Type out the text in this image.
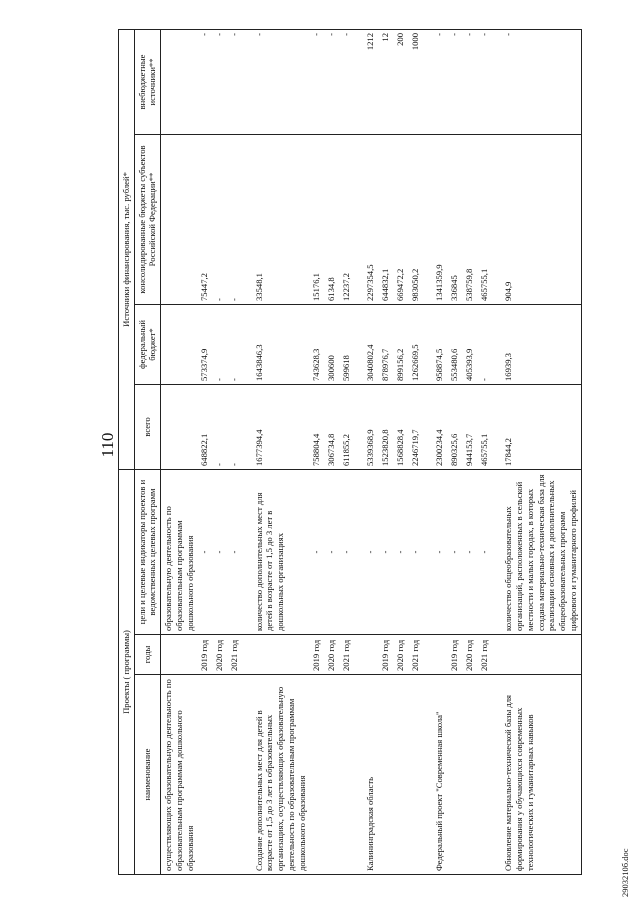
110
2903210б.doc
Проекты ( программы)			Источники финансирования, тыс. рублей*			
наименование	годы	цели и целевые индикаторы проектов и ведомственных целевых программ	всего	федеральный бюджет*	консолидированные бюджеты субъектов Российской Федерации**	внебюджетные источники**
осуществляющих образовательную деятельность по образовательным программам дошкольного образования		образовательную деятельность по образовательным программам дошкольного образования				
	2019 год	-	648822,1	573374,9	75447,2	-
	2020 год	-	-	-	-	-
	2021 год	-	-	-	-	-

Создание дополнительных мест для детей в возрасте от 1,5 до 3 лет в образовательных организациях, осуществляющих образовательную деятельность по образовательным программам дошкольного образования		количество дополнительных мест для детей в возрасте от 1,5 до 3 лет в дошкольных организациях	1677394,4	1643846,3	33548,1	-
	2019 год	-	758804,4	743628,3	15176,1	-
	2020 год	-	306734,8	300600	6134,8	-
	2021 год	-	611855,2	599618	12237,2	-

Калининградская область		-	5339368,9	3040802,4	2297354,5	1212
	2019 год	-	1523820,8	878976,7	644832,1	12
	2020 год	-	1568828,4	899156,2	669472,2	200
	2021 год	-	2246719,7	1262669,5	983050,2	1000

Федеральный проект "Современная школа"		-	2300234,4	958874,5	1341359,9	-
	2019 год	-	890325,6	553480,6	336845	-
	2020 год	-	944153,7	405393,9	538759,8	-
	2021 год	-	465755,1	-	465755,1	-

Обновление материально-технической базы для формирования у обучающихся современных технологических и гуманитарных навыков		количество общеобразовательных организаций, расположенных в сельской местности и малых городах, в которых создана материально-техническая база для реализации основных и дополнительных общеобразовательных программ цифрового и гуманитарного профилей	17844,2	16939,3	904,9	-
